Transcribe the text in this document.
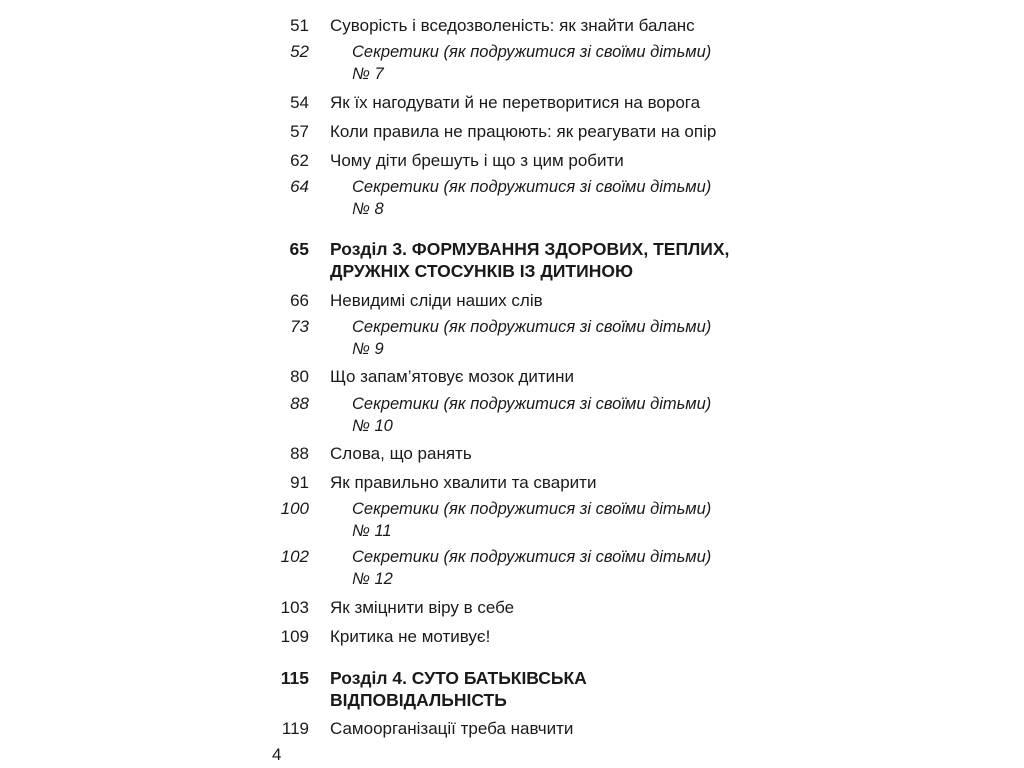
51 Суворість і вседозволеність: як знайти баланс
52	Секретики (як подружитися зі своїми дітьми)
№ 7
54 Як їх нагодувати й не перетворитися на ворога
57 Коли правила не працюють: як реагувати на опір
62 Чому діти брешуть і що з цим робити
64	Секретики (як подружитися зі своїми дітьми)
№ 8
65 Розділ 3. ФОРМУВАННЯ ЗДОРОВИХ, ТЕПЛИХ,
ДРУЖНІХ СТОСУНКІВ ІЗ ДИТИНОЮ
66 Невидимі сліди наших слів
73	Секретики (як подружитися зі своїми дітьми)
№ 9
80 Що запам’ятовує мозок дитини
88	Секретики (як подружитися зі своїми дітьми)
№ 10
88 Слова, що ранять
91 Як правильно хвалити та сварити
100	Секретики (як подружитися зі своїми дітьми)
№ 11
102	Секретики (як подружитися зі своїми дітьми)
№ 12
103 Як зміцнити віру в себе
109 Критика не мотивує!
115 Розділ 4. СУТО БАТЬКІВСЬКА
ВІДПОВІДАЛЬНІСТЬ
119 Самоорганізації треба навчити
4
